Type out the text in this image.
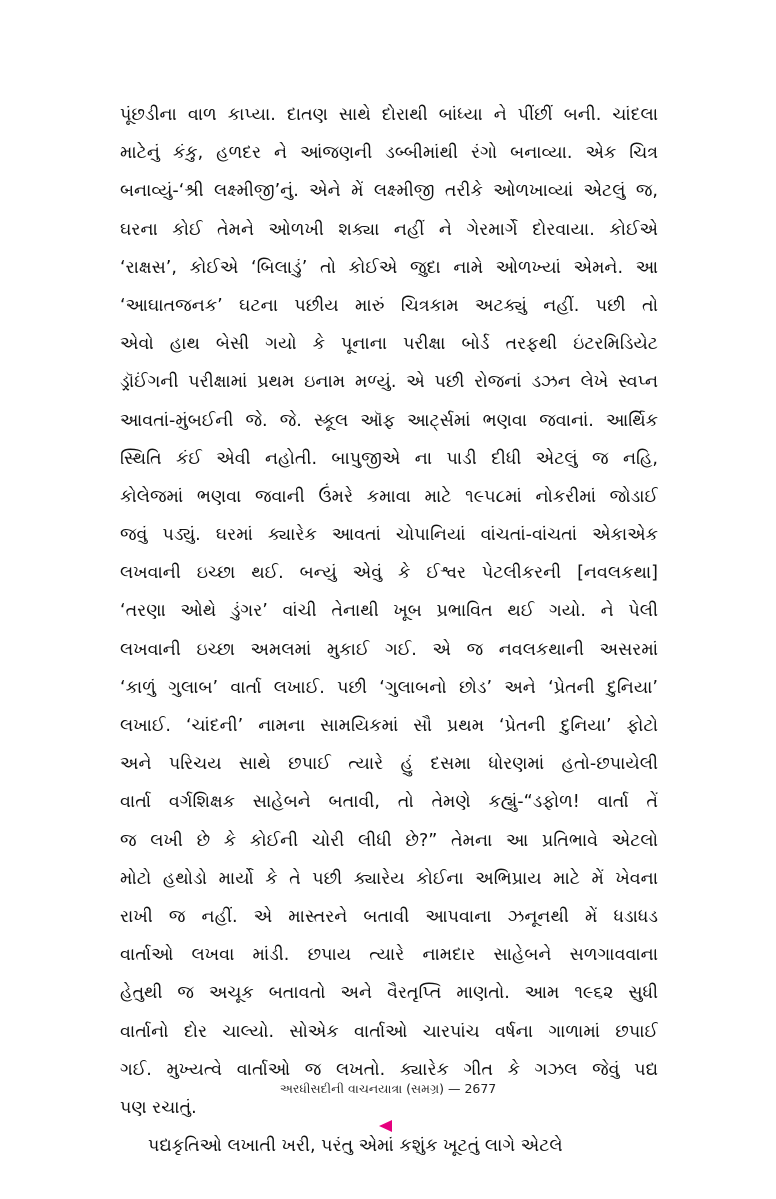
પૂંછડીના વાળ કાપ્યા. દાતણ સાથે દોરાથી બાંધ્યા ને પીંછીં બની. ચાંદલા
માટેનું કંકુ, હળદર ને આંજણની ડબ્બીમાંથી રંગો બનાવ્યા. એક ચિત્ર
બનાવ્યું-‘શ્રી લક્ષ્મીજી’નું. એને મેં લક્ષ્મીજી તરીકે ઓળખાવ્યાં એટલું જ,
ઘરના કોઈ તેમને ઓળખી શક્યા નહીં ને ગેરમાર્ગે દોરવાયા. કોઈએ
‘રાક્ષસ’, કોઈએ ‘બિલાડું’ તો કોઈએ જુદા નામે ઓળખ્યાં એમને. આ
‘આઘાતજનક’ ઘટના પછીય મારું ચિત્રકામ અટક્યું નહીં. પછી તો
એવો હાથ બેસી ગયો કે પૂનાના પરીક્ષા બોર્ડ તરફથી ઇંટરમિડિયેટ
ડ્રૉઈંગની પરીક્ષામાં પ્રથમ ઇનામ મળ્યું. એ પછી રોજનાં ડઝન લેખે સ્વપ્ન
આવતાં-મુંબઈની જે. જે. સ્કૂલ ઑફ આર્ટ્સમાં ભણવા જવાનાં. આર્થિક
સ્થિતિ કંઈ એવી નહોતી. બાપુજીએ ના પાડી દીધી એટલું જ નહિ,
કોલેજમાં ભણવા જવાની ઉંમરે કમાવા માટે ૧૯૫૮માં નોકરીમાં જોડાઈ
જવું પડ્યું. ઘરમાં ક્યારેક આવતાં ચોપાનિયાં વાંચતાં-વાંચતાં એકાએક
લખવાની ઇચ્છા થઈ. બન્યું એવું કે ઈશ્વર પેટલીકરની [નવલકથા]
‘તરણા ઓથે ડુંગર’ વાંચી તેનાથી ખૂબ પ્રભાવિત થઈ ગયો. ને પેલી
લખવાની ઇચ્છા અમલમાં મુકાઈ ગઈ. એ જ નવલકથાની અસરમાં
‘કાળું ગુલાબ’ વાર્તા લખાઈ. પછી ‘ગુલાબનો છોડ’ અને ‘પ્રેતની દુનિયા’
લખાઈ. ‘ચાંદની’ નામના સામયિકમાં સૌ પ્રથમ ‘પ્રેતની દુનિયા’ ફોટો
અને પરિચય સાથે છપાઈ ત્યારે હું દસમા ધોરણમાં હતો-છપાયેલી
વાર્તા વર્ગશિક્ષક સાહેબને બતાવી, તો તેમણે કહ્યું-“ડફોળ! વાર્તા તેં
જ લખી છે કે કોઈની ચોરી લીધી છે?” તેમના આ પ્રતિભાવે એટલો
મોટો હથોડો માર્યો કે તે પછી ક્યારેય કોઈના અભિપ્રાય માટે મેં ખેવના
રાખી જ નહીં. એ માસ્તરને બતાવી આપવાના ઝનૂનથી મેં ધડાધડ
વાર્તાઓ લખવા માંડી. છપાય ત્યારે નામદાર સાહેબને સળગાવવાના
હેતુથી જ અચૂક બતાવતો અને વૈરતૃપ્તિ માણતો. આમ ૧૯૬૨ સુધી
વાર્તાનો દોર ચાલ્યો. સોએક વાર્તાઓ ચારપાંચ વર્ષના ગાળામાં છપાઈ
ગઈ. મુખ્યત્વે વાર્તાઓ જ લખતો. ક્યારેક ગીત કે ગઝલ જેવું પદ્ય
પણ રચાતું.
પદ્યકૃતિઓ લખાતી ખરી, પરંતુ એમાં કશુંક ખૂટતું લાગે એટલે
અરધીસદીની વાચનયાત્રા (સમગ્ર) — 2677
